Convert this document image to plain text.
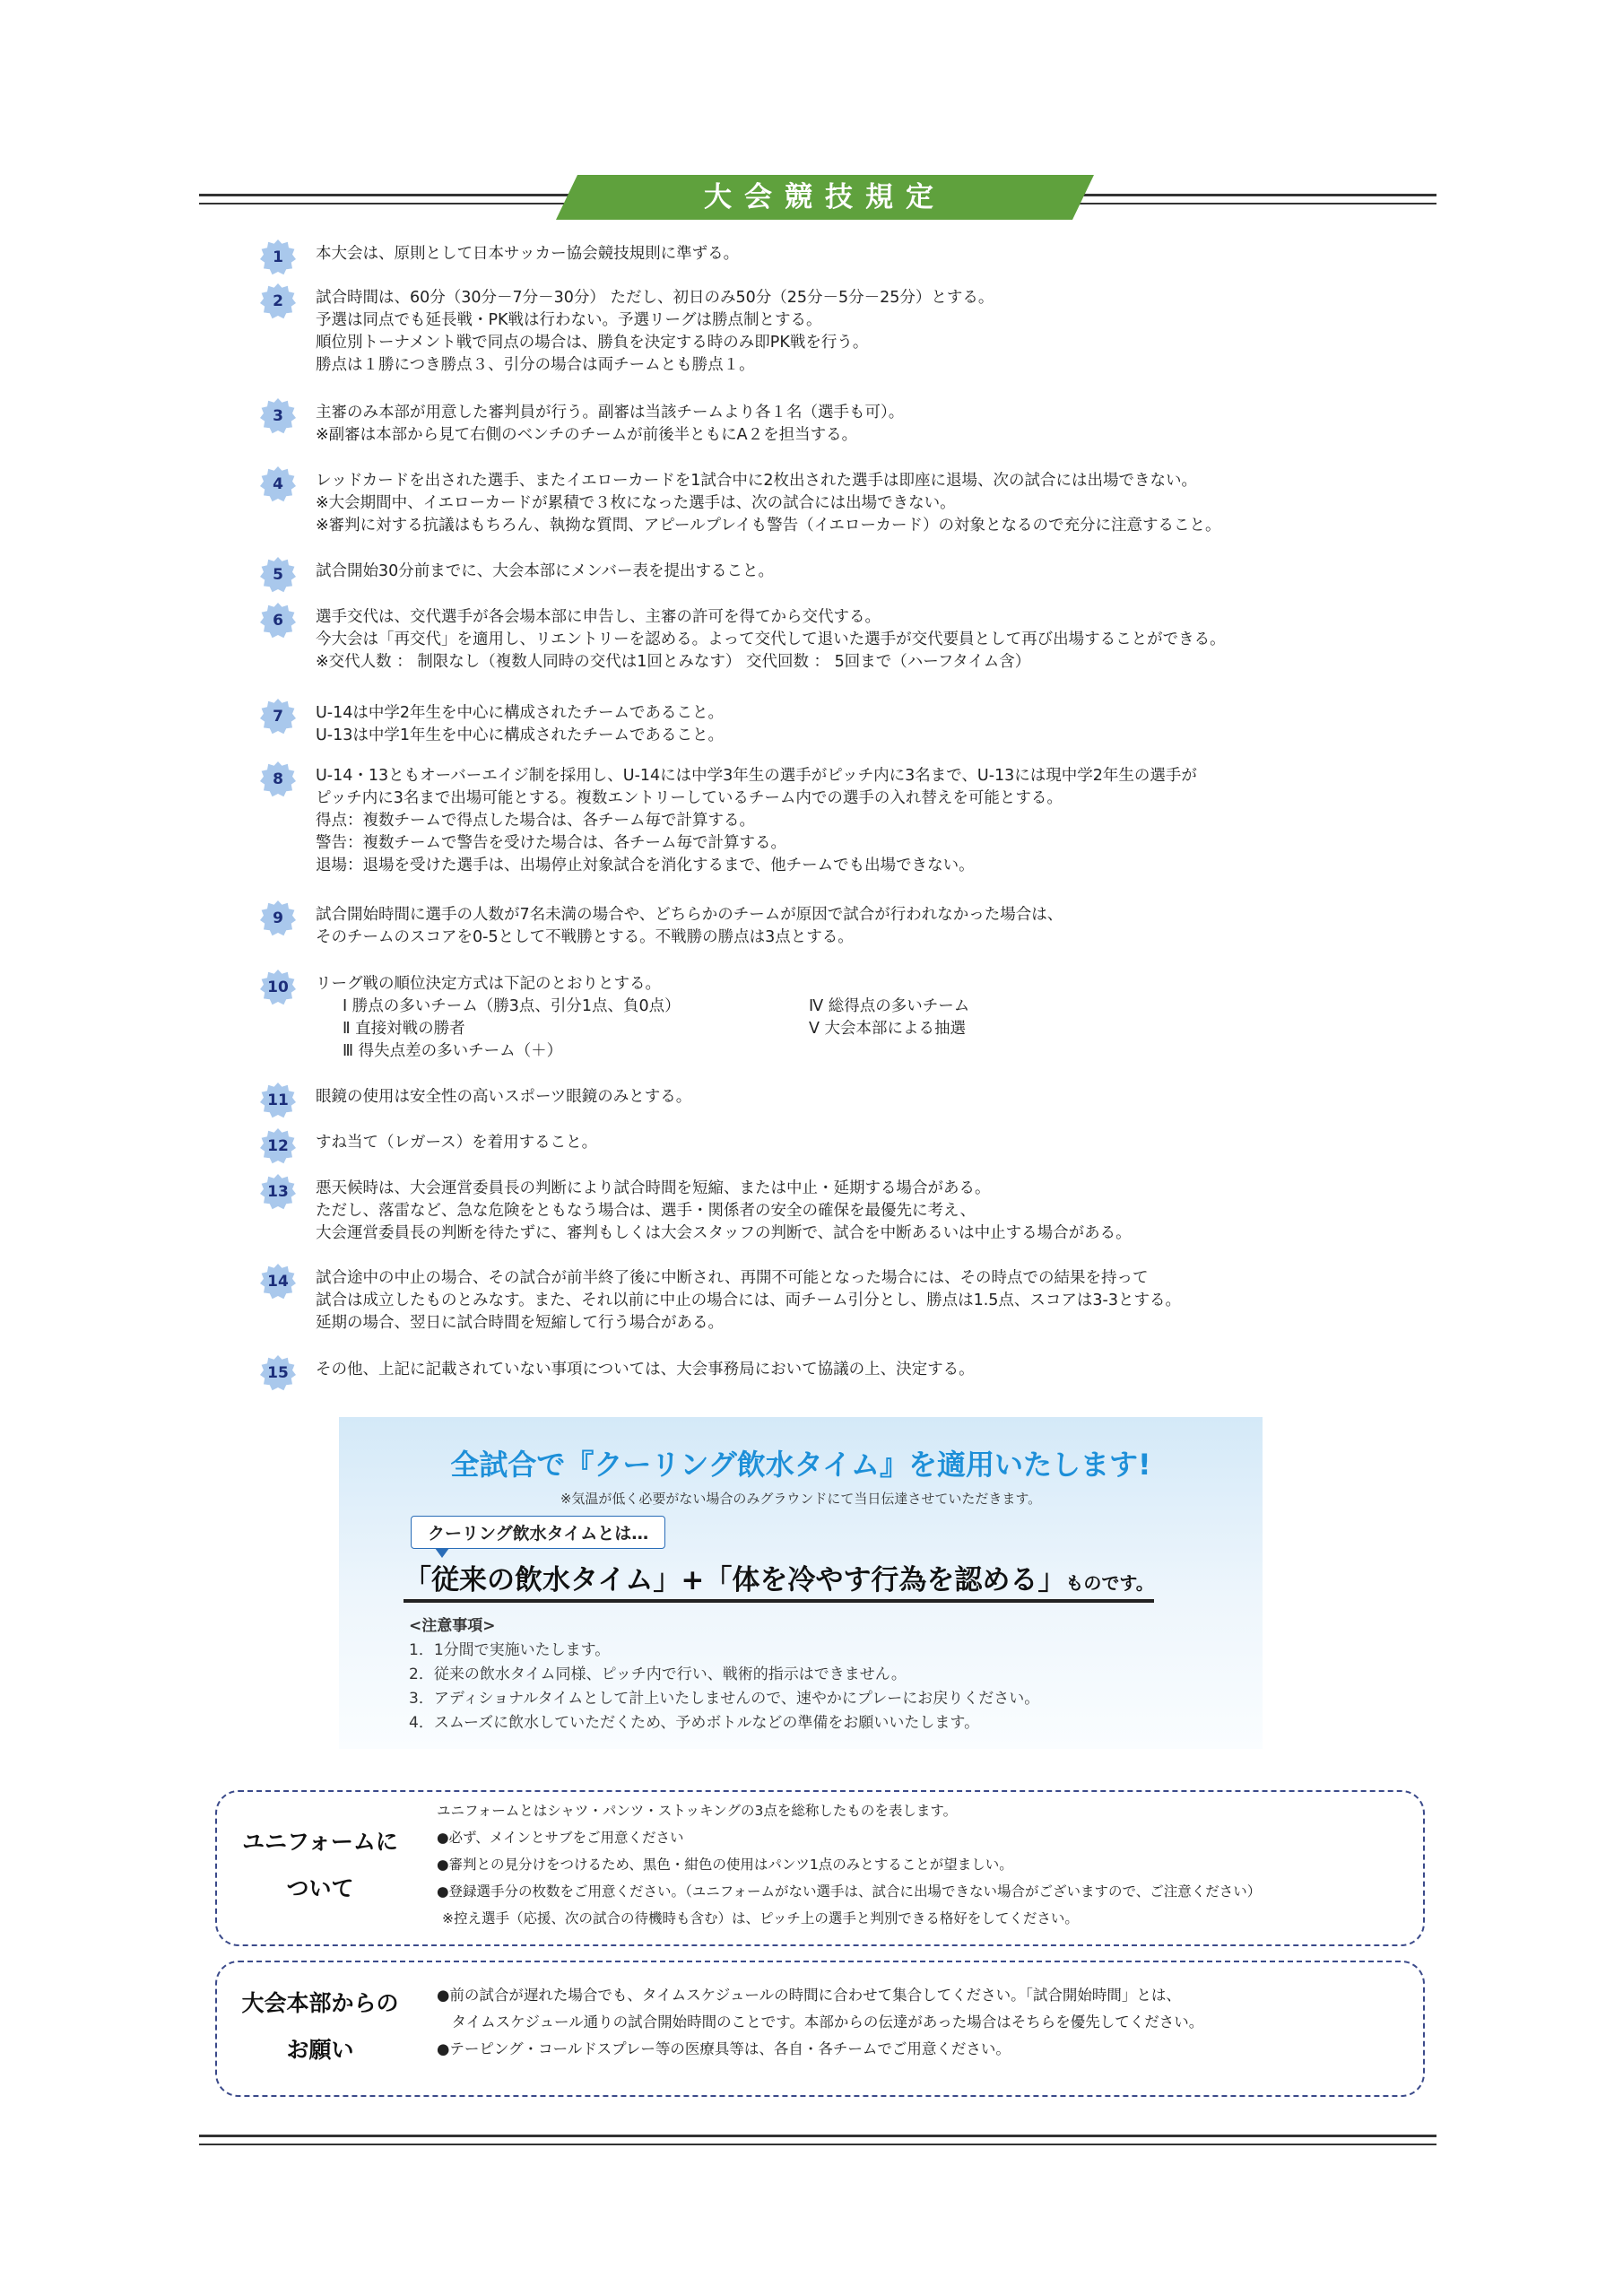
大会競技規定
1	本大会は、原則として日本サッカー協会競技規則に準ずる。
2	試合時間は、60分（30分－7分－30分） ただし、初日のみ50分（25分－5分－25分）とする。
予選は同点でも延長戦・PK戦は行わない。予選リーグは勝点制とする。
順位別トーナメント戦で同点の場合は、勝負を決定する時のみ即PK戦を行う。
勝点は１勝につき勝点３、引分の場合は両チームとも勝点１。
3	主審のみ本部が用意した審判員が行う。副審は当該チームより各１名（選手も可）。
※副審は本部から見て右側のベンチのチームが前後半ともにA２を担当する。
4	レッドカードを出された選手、またイエローカードを1試合中に2枚出された選手は即座に退場、次の試合には出場できない。
※大会期間中、イエローカードが累積で３枚になった選手は、次の試合には出場できない。
※審判に対する抗議はもちろん、執拗な質問、アピールプレイも警告（イエローカード）の対象となるので充分に注意すること。
5	試合開始30分前までに、大会本部にメンバー表を提出すること。
6	選手交代は、交代選手が各会場本部に申告し、主審の許可を得てから交代する。
今大会は「再交代」を適用し、リエントリーを認める。よって交代して退いた選手が交代要員として再び出場することができる。
※交代人数 ： 制限なし（複数人同時の交代は1回とみなす） 交代回数 ： 5回まで（ハーフタイム含）
7	U-14は中学2年生を中心に構成されたチームであること。
U-13は中学1年生を中心に構成されたチームであること。
8	U-14・13ともオーバーエイジ制を採用し、U-14には中学3年生の選手がピッチ内に3名まで、U-13には現中学2年生の選手が
ピッチ内に3名まで出場可能とする。複数エントリーしているチーム内での選手の入れ替えを可能とする。
得点：複数チームで得点した場合は、各チーム毎で計算する。
警告：複数チームで警告を受けた場合は、各チーム毎で計算する。
退場：退場を受けた選手は、出場停止対象試合を消化するまで、他チームでも出場できない。
9	試合開始時間に選手の人数が7名未満の場合や、どちらかのチームが原因で試合が行われなかった場合は、
そのチームのスコアを0-5として不戦勝とする。不戦勝の勝点は3点とする。
10	リーグ戦の順位決定方式は下記のとおりとする。
Ⅰ 勝点の多いチーム（勝3点、引分1点、負0点）
Ⅱ 直接対戦の勝者
Ⅲ 得失点差の多いチーム（＋）
Ⅳ 総得点の多いチーム
Ⅴ 大会本部による抽選
11	眼鏡の使用は安全性の高いスポーツ眼鏡のみとする。
12	すね当て（レガース）を着用すること。
13	悪天候時は、大会運営委員長の判断により試合時間を短縮、または中止・延期する場合がある。
ただし、落雷など、急な危険をともなう場合は、選手・関係者の安全の確保を最優先に考え、
大会運営委員長の判断を待たずに、審判もしくは大会スタッフの判断で、試合を中断あるいは中止する場合がある。
14	試合途中の中止の場合、その試合が前半終了後に中断され、再開不可能となった場合には、その時点での結果を持って
試合は成立したものとみなす。また、それ以前に中止の場合には、両チーム引分とし、勝点は1.5点、スコアは3-3とする。
延期の場合、翌日に試合時間を短縮して行う場合がある。
15	その他、上記に記載されていない事項については、大会事務局において協議の上、決定する。
全試合で『クーリング飲水タイム』を適用いたします!
※気温が低く必要がない場合のみグラウンドにて当日伝達させていただきます。
クーリング飲水タイムとは…
「従来の飲水タイム」+「体を冷やす行為を認める」ものです。
<注意事項>
1．1分間で実施いたします。
2．従来の飲水タイム同様、ピッチ内で行い、戦術的指示はできません。
3．アディショナルタイムとして計上いたしませんので、速やかにプレーにお戻りください。
4．スムーズに飲水していただくため、予めボトルなどの準備をお願いいたします。
ユニフォームに
ついて
ユニフォームとはシャツ・パンツ・ストッキングの3点を総称したものを表します。
●必ず、メインとサブをご用意ください
●審判との見分けをつけるため、黒色・紺色の使用はパンツ1点のみとすることが望ましい。
●登録選手分の枚数をご用意ください。（ユニフォームがない選手は、試合に出場できない場合がございますので、ご注意ください）
※控え選手（応援、次の試合の待機時も含む）は、ピッチ上の選手と判別できる格好をしてください。
大会本部からの
お願い
●前の試合が遅れた場合でも、タイムスケジュールの時間に合わせて集合してください。「試合開始時間」とは、
　タイムスケジュール通りの試合開始時間のことです。本部からの伝達があった場合はそちらを優先してください。
●テーピング・コールドスプレー等の医療具等は、各自・各チームでご用意ください。
